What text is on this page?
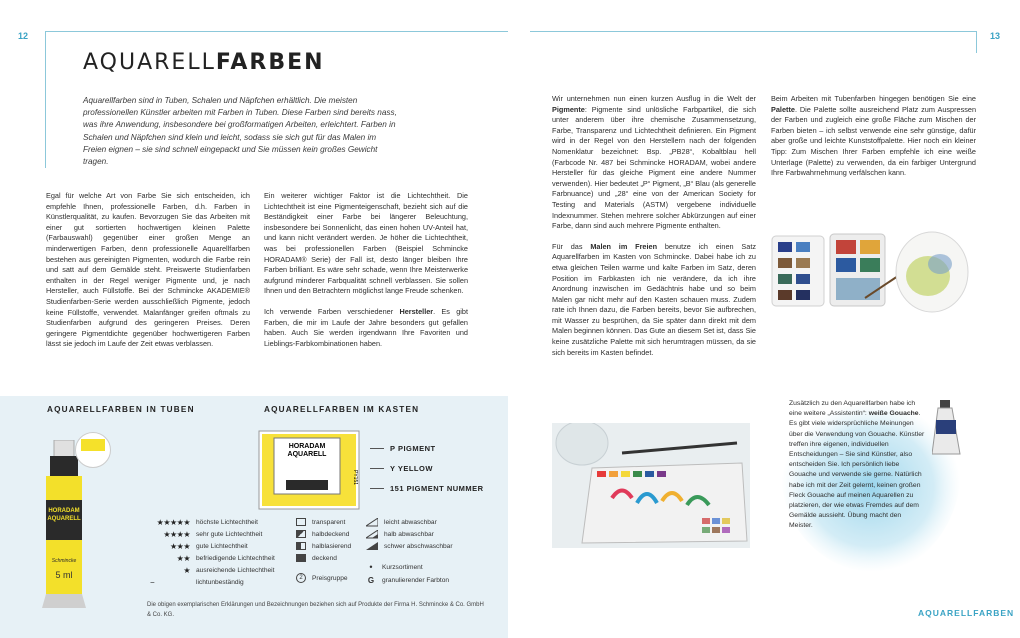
12	13
AQUARELLFARBEN

Aquarellfarben sind in Tuben, Schalen und Näpfchen erhältlich. Die meisten professionellen Künstler arbeiten mit Farben in Tuben. Diese Farben sind bereits nass, was ihre Anwendung, insbesondere bei großformatigen Arbeiten, erleichtert. Farben in Schalen und Näpfchen sind klein und leicht, sodass sie sich gut für das Malen im Freien eignen – sie sind schnell eingepackt und Sie müssen kein großes Gewicht tragen.

Egal für welche Art von Farbe Sie sich entscheiden, ich empfehle Ihnen, professionelle Farben, d.h. Farben in Künstlerqualität, zu kaufen. Bevorzugen Sie das Arbeiten mit einer gut sortierten hochwertigen kleinen Palette (Farbauswahl) gegenüber einer großen Menge an minderwertigen Farben, denn professionelle Aquarellfarben bestehen aus gereinigten Pigmenten, wodurch die Farbe rein und satt auf dem Gemälde steht. Preiswerte Studienfarben enthalten in der Regel weniger Pigmente und, je nach Hersteller, auch Füllstoffe. Bei der Schmincke AKADEMIE® Studienfarben-Serie werden ausschließlich Pigmente, jedoch keine Füllstoffe, verwendet. Malanfänger greifen oftmals zu Studienfarben aufgrund des geringeren Preises. Deren geringere Pigmentdichte gegenüber hochwertigeren Farben lässt sie jedoch im Laufe der Zeit etwas verblassen.

Ein weiterer wichtiger Faktor ist die Lichtechtheit. Die Lichtechtheit ist eine Pigmenteigenschaft, bezieht sich auf die Beständigkeit einer Farbe bei längerer Beleuchtung, insbesondere bei Sonnenlicht, das einen hohen UV-Anteil hat, und kann nicht verändert werden. Je höher die Lichtechtheit, was bei professionellen Farben (Beispiel Schmincke HORADAM® Serie) der Fall ist, desto länger bleiben Ihre Farben brilliant. Es wäre sehr schade, wenn Ihre Meisterwerke aufgrund minderer Farbqualität schnell verblassen. Sie sollen Ihnen und den Betrachtern möglichst lange Freude schenken.

Ich verwende Farben verschiedener Hersteller. Es gibt Farben, die mir im Laufe der Jahre besonders gut gefallen haben. Auch Sie werden irgendwann Ihre Favoriten und Lieblings-Farbkombinationen haben.

Wir unternehmen nun einen kurzen Ausflug in die Welt der Pigmente: Pigmente sind unlösliche Farbpartikel, die sich unter anderem über ihre chemische Zusammensetzung, Farbe, Transparenz und Lichtechtheit definieren. Ein Pigment wird in der Regel von den Herstellern nach der folgenden Nomenklatur bezeichnet: Bsp. „PB28“, Kobaltblau hell (Farbcode Nr. 487 bei Schmincke HORADAM, wobei andere Hersteller für das gleiche Pigment eine andere Nummer verwenden). Hier bedeutet „P“ Pigment, „B“ Blau (als generelle Farbnuance) und „28“ eine von der American Society for Testing and Materials (ASTM) vergebene individuelle Indexnummer. Stehen mehrere solcher Abkürzungen auf einer Farbe, dann sind auch mehrere Pigmente enthalten.

Für das Malen im Freien benutze ich einen Satz Aquarellfarben im Kasten von Schmincke. Dabei habe ich zu etwa gleichen Teilen warme und kalte Farben im Satz, deren Position im Farbkasten ich nie verändere, da ich ihre Anordnung inzwischen im Gedächtnis habe und so beim Malen gar nicht mehr auf den Kasten schauen muss. Zudem rate ich Ihnen dazu, die Farben bereits, bevor Sie aufbrechen, mit Wasser zu besprühen, da Sie später dann direkt mit dem Malen beginnen können. Das Gute an diesem Set ist, dass Sie keine zusätzliche Palette mit sich herumtragen müssen, da sie sich bereits im Kasten befindet.

Beim Arbeiten mit Tubenfarben hingegen benötigen Sie eine Palette. Die Palette sollte ausreichend Platz zum Auspressen der Farben und zugleich eine große Fläche zum Mischen der Farben bieten – ich selbst verwende eine sehr günstige, dafür aber große und leichte Kunststoffpalette. Hier noch ein kleiner Tipp: Zum Mischen Ihrer Farben empfehle ich eine weiße Unterlage (Palette) zu verwenden, da ein farbiger Untergrund Ihre Farbwahrnehmung verfälschen kann.

Zusätzlich zu den Aquarellfarben habe ich eine weitere „Assistentin“: weiße Gouache. Es gibt viele widersprüchliche Meinungen über die Verwendung von Gouache. Künstler treffen ihre eigenen, individuellen Entscheidungen – Sie sind Künstler, also entscheiden Sie. Ich persönlich liebe Gouache und verwende sie gerne. Natürlich habe ich mit der Zeit gelernt, keinen großen Fleck Gouache auf meinen Aquarellen zu platzieren, der wie etwas Fremdes auf dem Gemälde aussieht. Übung macht den Meister.
AQUARELLFARBEN IN TUBEN	AQUARELLFARBEN IM KASTEN
HORADAM
AQUARELL
5 ml
Schmincke
HORADAM
AQUARELL
PY151
P PIGMENT
Y YELLOW
151 PIGMENT NUMMER
★★★★★ höchste Lichtechtheit
★★★★ sehr gute Lichtechtheit
★★★ gute Lichtechtheit
★★ befriedigende Lichtechtheit
★ ausreichende Lichtechtheit
−	lichtunbeständig
transparent
halbdeckend
halblasierend
deckend
2	Preisgruppe
leicht abwaschbar
halb abwaschbar
schwer abschwaschbar
•	Kurzsortiment
G granulierender Farbton
Die obigen exemplarischen Erklärungen und Bezeichnungen beziehen sich auf Produkte der Firma H. Schmincke & Co. GmbH & Co. KG.	AQUARELLFARBEN
